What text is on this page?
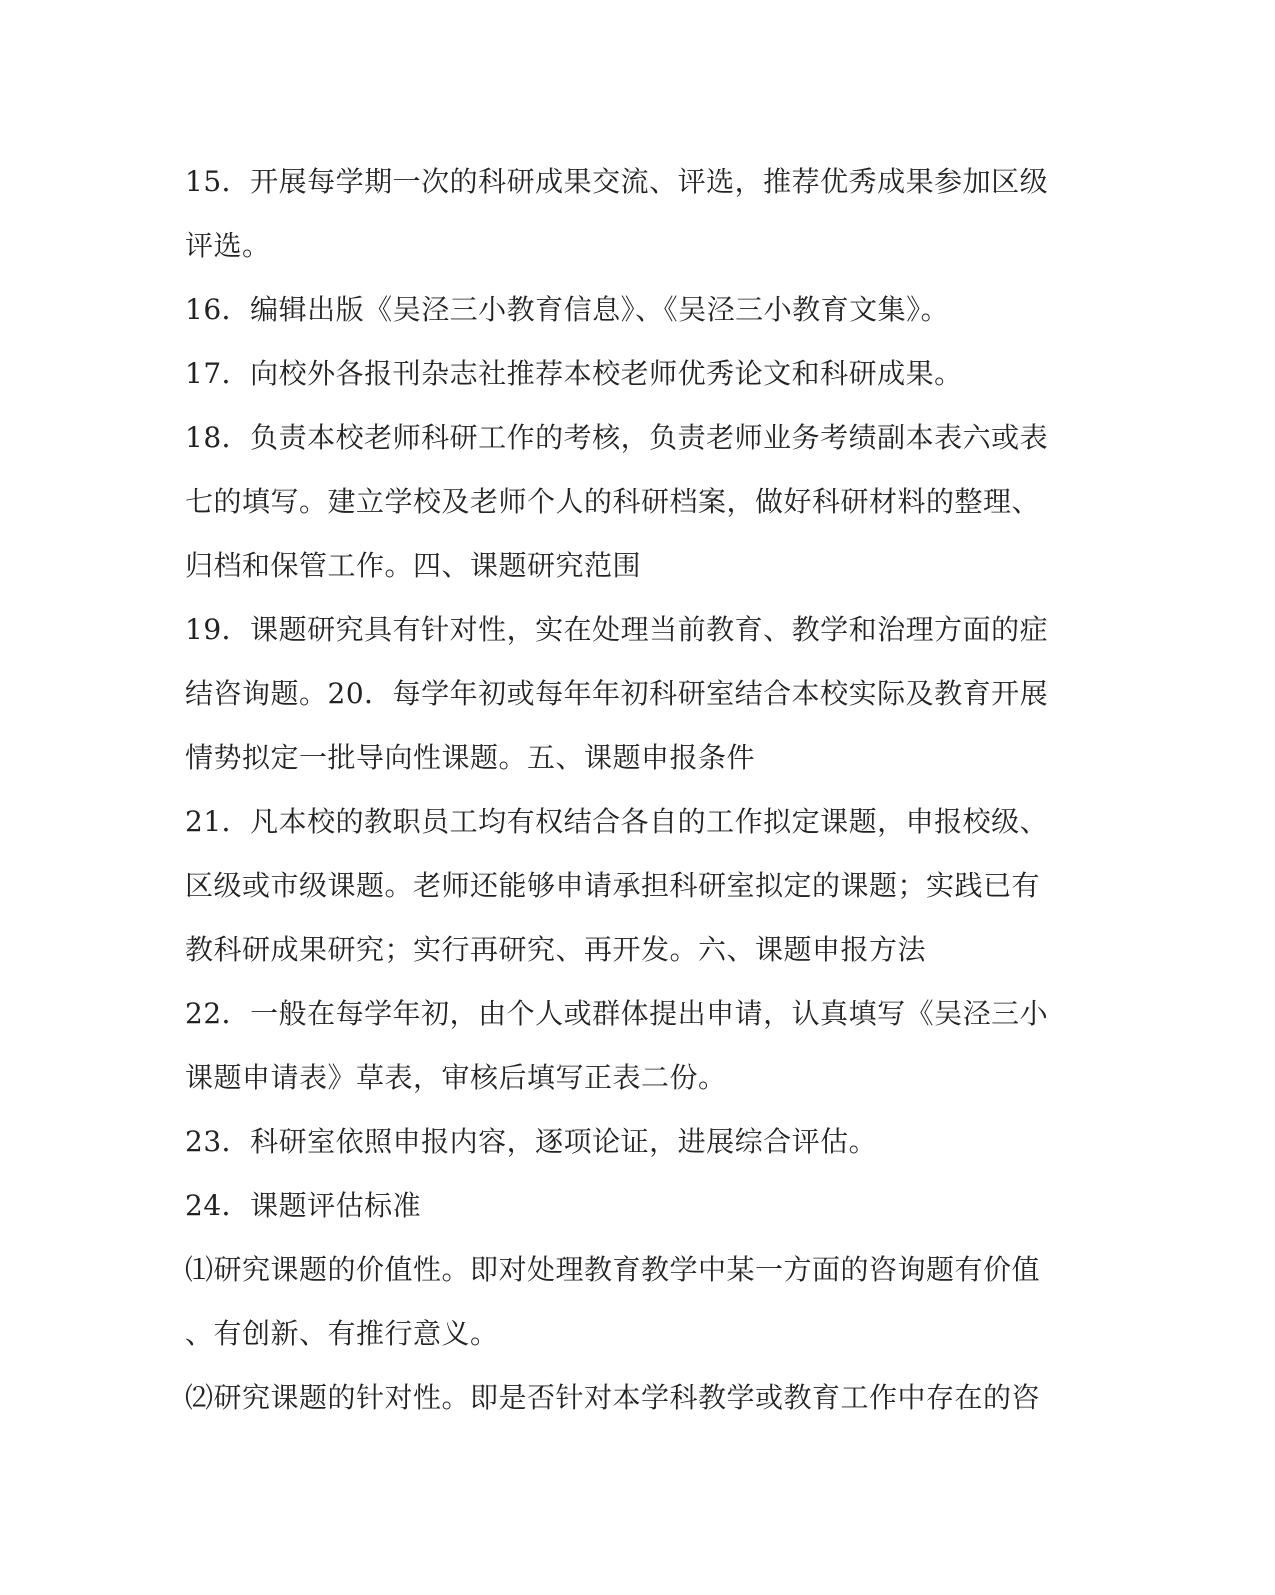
15．开展每学期一次的科研成果交流、评选，推荐优秀成果参加区级
评选。
16．编辑出版《吴泾三小教育信息》、《吴泾三小教育文集》。
17．向校外各报刊杂志社推荐本校老师优秀论文和科研成果。
18．负责本校老师科研工作的考核，负责老师业务考绩副本表六或表
七的填写。建立学校及老师个人的科研档案，做好科研材料的整理、
归档和保管工作。四、课题研究范围
19．课题研究具有针对性，实在处理当前教育、教学和治理方面的症
结咨询题。20．每学年初或每年年初科研室结合本校实际及教育开展
情势拟定一批导向性课题。五、课题申报条件
21．凡本校的教职员工均有权结合各自的工作拟定课题，申报校级、
区级或市级课题。老师还能够申请承担科研室拟定的课题；实践已有
教科研成果研究；实行再研究、再开发。六、课题申报方法
22．一般在每学年初，由个人或群体提出申请，认真填写《吴泾三小
课题申请表》草表，审核后填写正表二份。
23．科研室依照申报内容，逐项论证，进展综合评估。
24．课题评估标准
⑴研究课题的价值性。即对处理教育教学中某一方面的咨询题有价值
、有创新、有推行意义。
⑵研究课题的针对性。即是否针对本学科教学或教育工作中存在的咨
